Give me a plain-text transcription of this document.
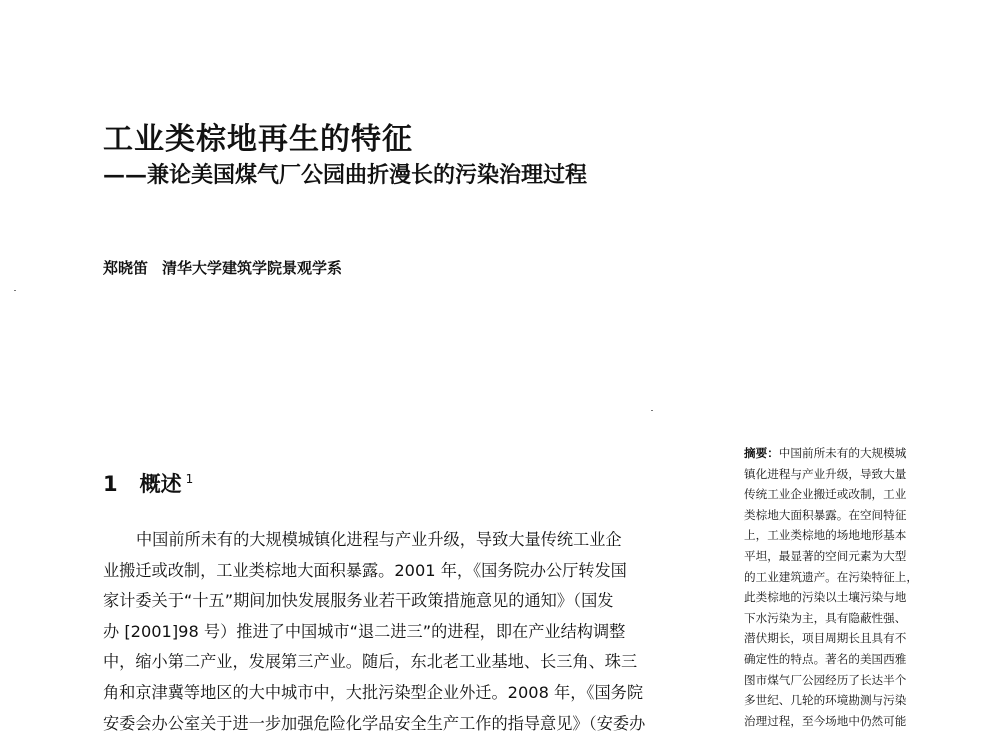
工业类棕地再生的特征
——兼论美国煤气厂公园曲折漫长的污染治理过程
郑晓笛 清华大学建筑学院景观学系
1 概述 $^1$
中国前所未有的大规模城镇化进程与产业升级，导致大量传统工业企
业搬迁或改制，工业类棕地大面积暴露。2001 年，《国务院办公厅转发国
家计委关于“十五”期间加快发展服务业若干政策措施意见的通知》（国发
办 [2001]98 号）推进了中国城市“退二进三”的进程，即在产业结构调整
中，缩小第二产业，发展第三产业。随后，东北老工业基地、长三角、珠三
角和京津冀等地区的大中城市中，大批污染型企业外迁。2008 年，《国务院
安委会办公室关于进一步加强危险化学品安全生产工作的指导意见》（安委办
摘要：中国前所未有的大规模城
镇化进程与产业升级，导致大量
传统工业企业搬迁或改制，工业
类棕地大面积暴露。在空间特征
上，工业类棕地的场地地形基本
平坦，最显著的空间元素为大型
的工业建筑遗产。在污染特征上，
此类棕地的污染以土壤污染与地
下水污染为主，具有隐蔽性强、
潜伏期长，项目周期长且具有不
确定性的特点。著名的美国西雅
图市煤气厂公园经历了长达半个
多世纪、几轮的环境勘测与污染
治理过程，至今场地中仍然可能
